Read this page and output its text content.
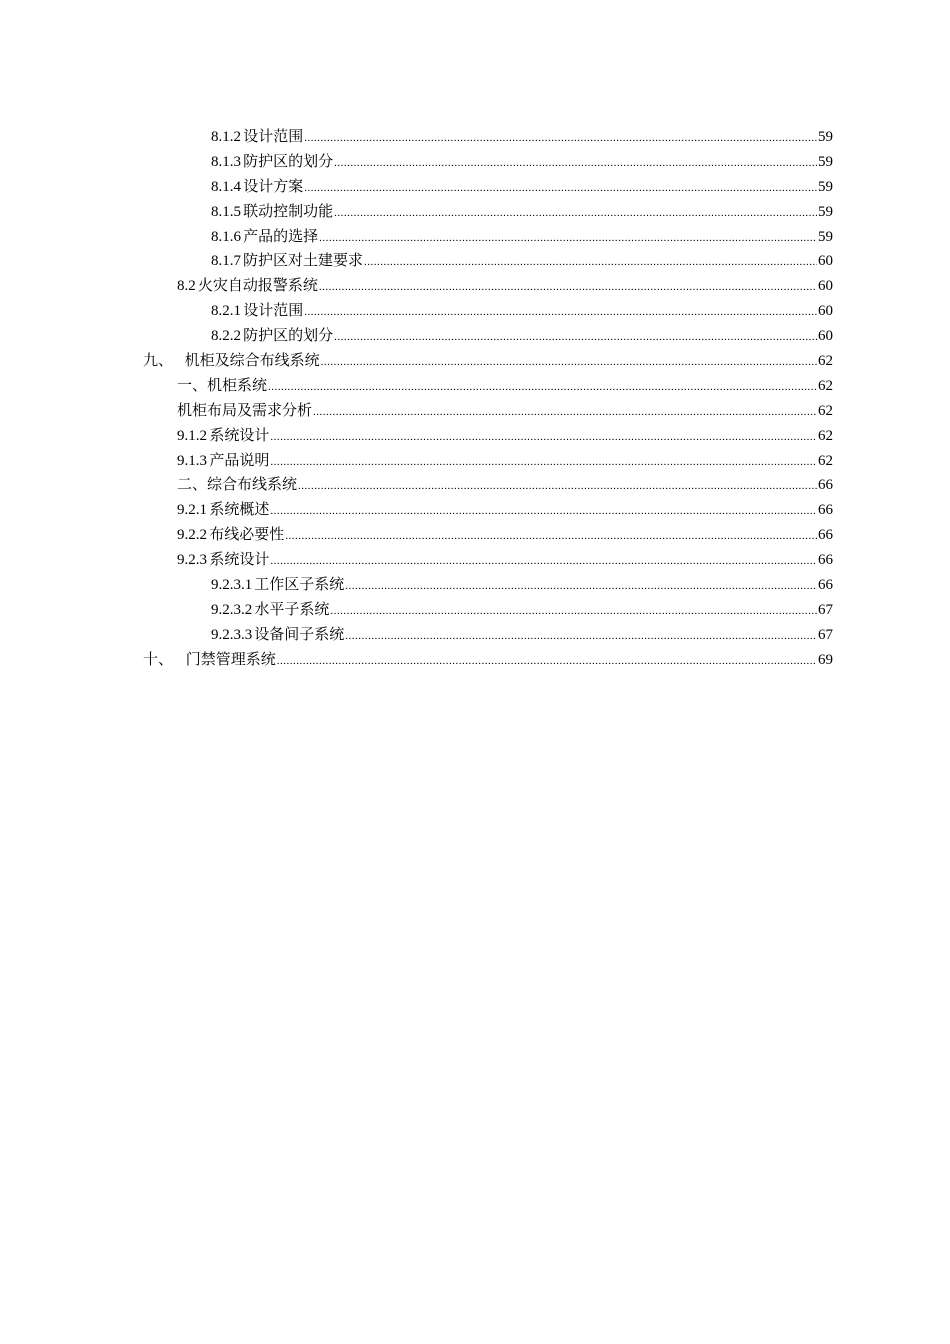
8.1.2 设计范围 .....	59
8.1.3 防护区的划分 .....	59
8.1.4 设计方案 .....	59
8.1.5 联动控制功能 .....	59
8.1.6 产品的选择 .....	59
8.1.7 防护区对土建要求 .....	60
8.2 火灾自动报警系统 .....	60
8.2.1 设计范围 .....	60
8.2.2 防护区的划分 .....	60
九、 机柜及综合布线系统 .....	62
一、机柜系统 .....	62
机柜布局及需求分析 .....	62
9.1.2 系统设计 .....	62
9.1.3 产品说明 .....	62
二、综合布线系统 .....	66
9.2.1 系统概述 .....	66
9.2.2 布线必要性 .....	66
9.2.3 系统设计 .....	66
9.2.3.1 工作区子系统 .....	66
9.2.3.2 水平子系统 .....	67
9.2.3.3 设备间子系统 .....	67
十、 门禁管理系统 .....	69
